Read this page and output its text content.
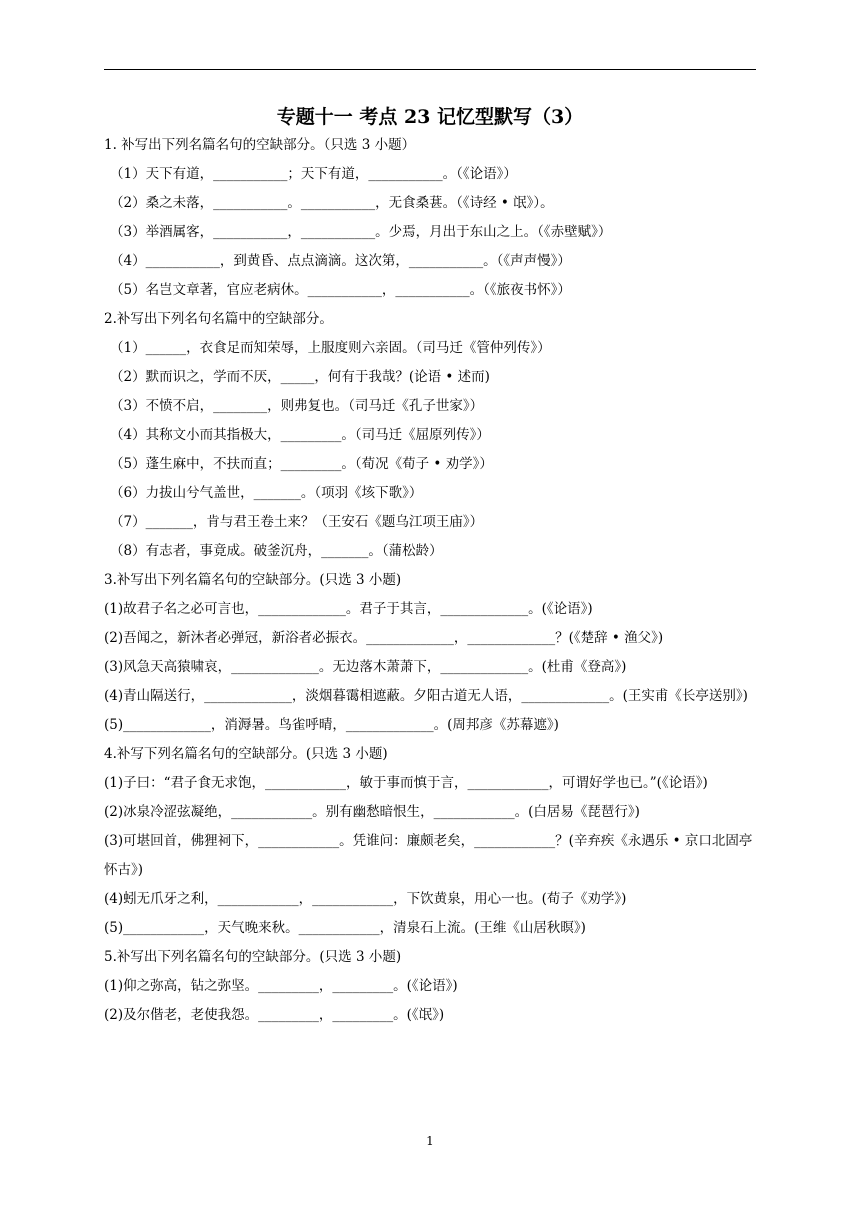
专题十一 考点 23 记忆型默写（3）
1. 补写出下列名篇名句的空缺部分。（只选 3 小题）
（1）天下有道，___________；天下有道，___________。（《论语》）
（2）桑之未落，___________。___________，无食桑葚。（《诗经 • 氓》）。
（3）举酒属客，___________，___________。少焉，月出于东山之上。（《赤壁赋》）
（4）___________，到黄昏、点点滴滴。这次第，___________。（《声声慢》）
（5）名岂文章著，官应老病休。___________，___________。（《旅夜书怀》）
2.补写出下列名句名篇中的空缺部分。
（1）______，衣食足而知荣辱，上服度则六亲固。（司马迁《管仲列传》）
（2）默而识之，学而不厌，_____，何有于我哉？(论语 • 述而)
（3）不愤不启，________，则弗复也。（司马迁《孔子世家》）
（4）其称文小而其指极大，_________。（司马迁《屈原列传》）
（5）蓬生麻中，不扶而直；_________。（荀况《荀子 • 劝学》）
（6）力拔山兮气盖世，_______。（项羽《垓下歌》）
（7）_______，肯与君王卷土来？（王安石《题乌江项王庙》）
（8）有志者，事竟成。破釜沉舟，_______。（蒲松龄）
3.补写出下列名篇名句的空缺部分。(只选 3 小题)
(1)故君子名之必可言也，_____________。君子于其言，_____________。(《论语》)
(2)吾闻之，新沐者必弹冠，新浴者必振衣。_____________，_____________？(《楚辞 • 渔父》)
(3)风急天高猿啸哀，_____________。无边落木萧萧下，_____________。(杜甫《登高》)
(4)青山隔送行，_____________，淡烟暮霭相遮蔽。夕阳古道无人语，_____________。(王实甫《长亭送别》)
(5)_____________，消溽暑。鸟雀呼晴，_____________。(周邦彦《苏幕遮》)
4.补写下列名篇名句的空缺部分。(只选 3 小题)
(1)子曰：“君子食无求饱，____________，敏于事而慎于言，____________，可谓好学也已。”(《论语》)
(2)冰泉冷涩弦凝绝，____________。别有幽愁暗恨生，____________。(白居易《琵琶行》)
(3)可堪回首，佛狸祠下，____________。凭谁问：廉颇老矣，____________？(辛弃疾《永遇乐 • 京口北固亭怀古》)
(4)蚓无爪牙之利，____________，____________，下饮黄泉，用心一也。(荀子《劝学》)
(5)____________，天气晚来秋。____________，清泉石上流。(王维《山居秋暝》)
5.补写出下列名篇名句的空缺部分。(只选 3 小题)
(1)仰之弥高，钻之弥坚。_________，_________。(《论语》)
(2)及尔偕老，老使我怨。_________，_________。(《氓》)
1
